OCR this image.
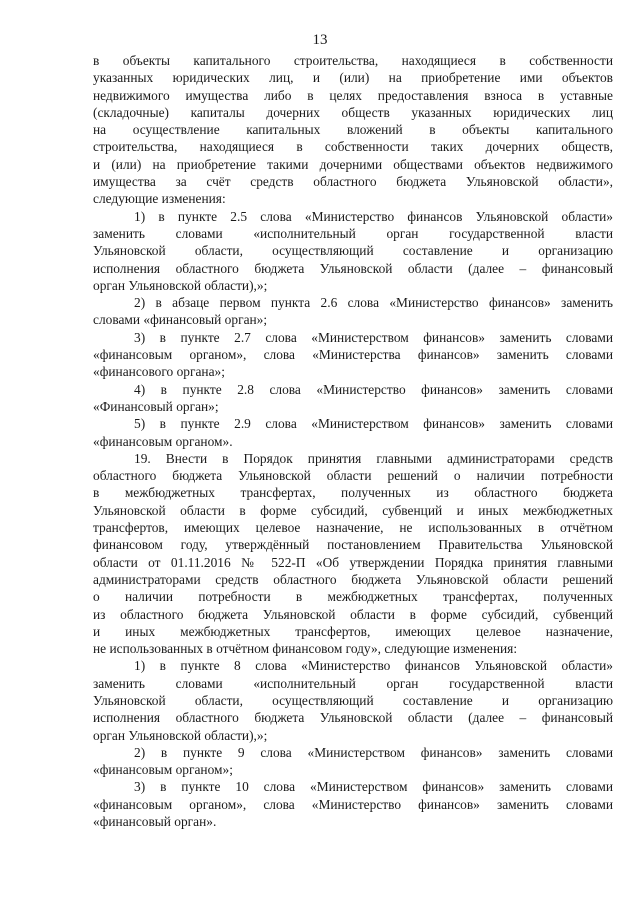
13
в объекты капитального строительства, находящиеся в собственности
указанных юридических лиц, и (или) на приобретение ими объектов
недвижимого имущества либо в целях предоставления взноса в уставные
(складочные) капиталы дочерних обществ указанных юридических лиц
на осуществление капитальных вложений в объекты капитального
строительства, находящиеся в собственности таких дочерних обществ,
и (или) на приобретение такими дочерними обществами объектов недвижимого
имущества за счёт средств областного бюджета Ульяновской области»,
следующие изменения:
1) в пункте 2.5 слова «Министерство финансов Ульяновской области»
заменить словами «исполнительный орган государственной власти
Ульяновской области, осуществляющий составление и организацию
исполнения областного бюджета Ульяновской области (далее – финансовый
орган Ульяновской области),»;
2) в абзаце первом пункта 2.6 слова «Министерство финансов» заменить
словами «финансовый орган»;
3) в пункте 2.7 слова «Министерством финансов» заменить словами
«финансовым органом», слова «Министерства финансов» заменить словами
«финансового органа»;
4) в пункте 2.8 слова «Министерство финансов» заменить словами
«Финансовый орган»;
5) в пункте 2.9 слова «Министерством финансов» заменить словами
«финансовым органом».
19. Внести в Порядок принятия главными администраторами средств
областного бюджета Ульяновской области решений о наличии потребности
в межбюджетных трансфертах, полученных из областного бюджета
Ульяновской области в форме субсидий, субвенций и иных межбюджетных
трансфертов, имеющих целевое назначение, не использованных в отчётном
финансовом году, утверждённый постановлением Правительства Ульяновской
области от 01.11.2016 № 522-П «Об утверждении Порядка принятия главными
администраторами средств областного бюджета Ульяновской области решений
о наличии потребности в межбюджетных трансфертах, полученных
из областного бюджета Ульяновской области в форме субсидий, субвенций
и иных межбюджетных трансфертов, имеющих целевое назначение,
не использованных в отчётном финансовом году», следующие изменения:
1) в пункте 8 слова «Министерство финансов Ульяновской области»
заменить словами «исполнительный орган государственной власти
Ульяновской области, осуществляющий составление и организацию
исполнения областного бюджета Ульяновской области (далее – финансовый
орган Ульяновской области),»;
2) в пункте 9 слова «Министерством финансов» заменить словами
«финансовым органом»;
3) в пункте 10 слова «Министерством финансов» заменить словами
«финансовым органом», слова «Министерство финансов» заменить словами
«финансовый орган».
